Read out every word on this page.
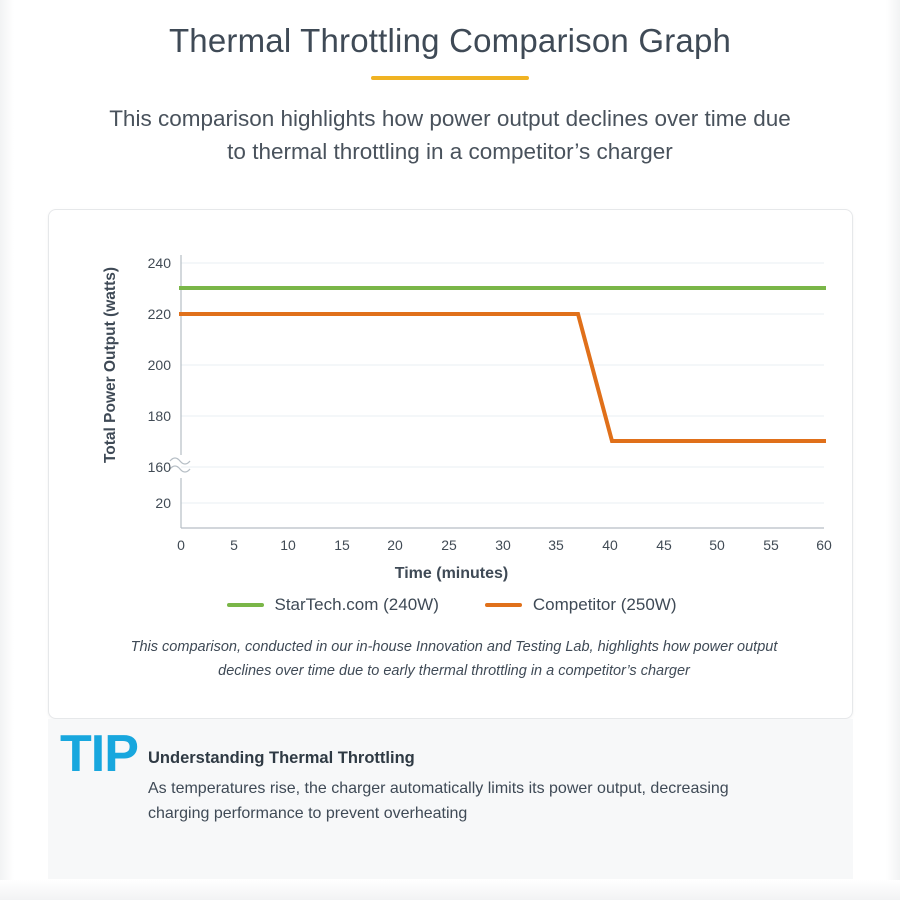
Thermal Throttling Comparison Graph

This comparison highlights how power output declines over time due to thermal throttling in a competitor’s charger

Total Power Output (watts)
240
220
200
180
160
20
0	5	10	15	20	25	30	35	40	45	50	55	60
Time (minutes)
StarTech.com (240W)	Competitor (250W)
This comparison, conducted in our in-house Innovation and Testing Lab, highlights how power output declines over time due to early thermal throttling in a competitor’s charger
TIP Understanding Thermal Throttling
As temperatures rise, the charger automatically limits its power output, decreasing charging performance to prevent overheating
